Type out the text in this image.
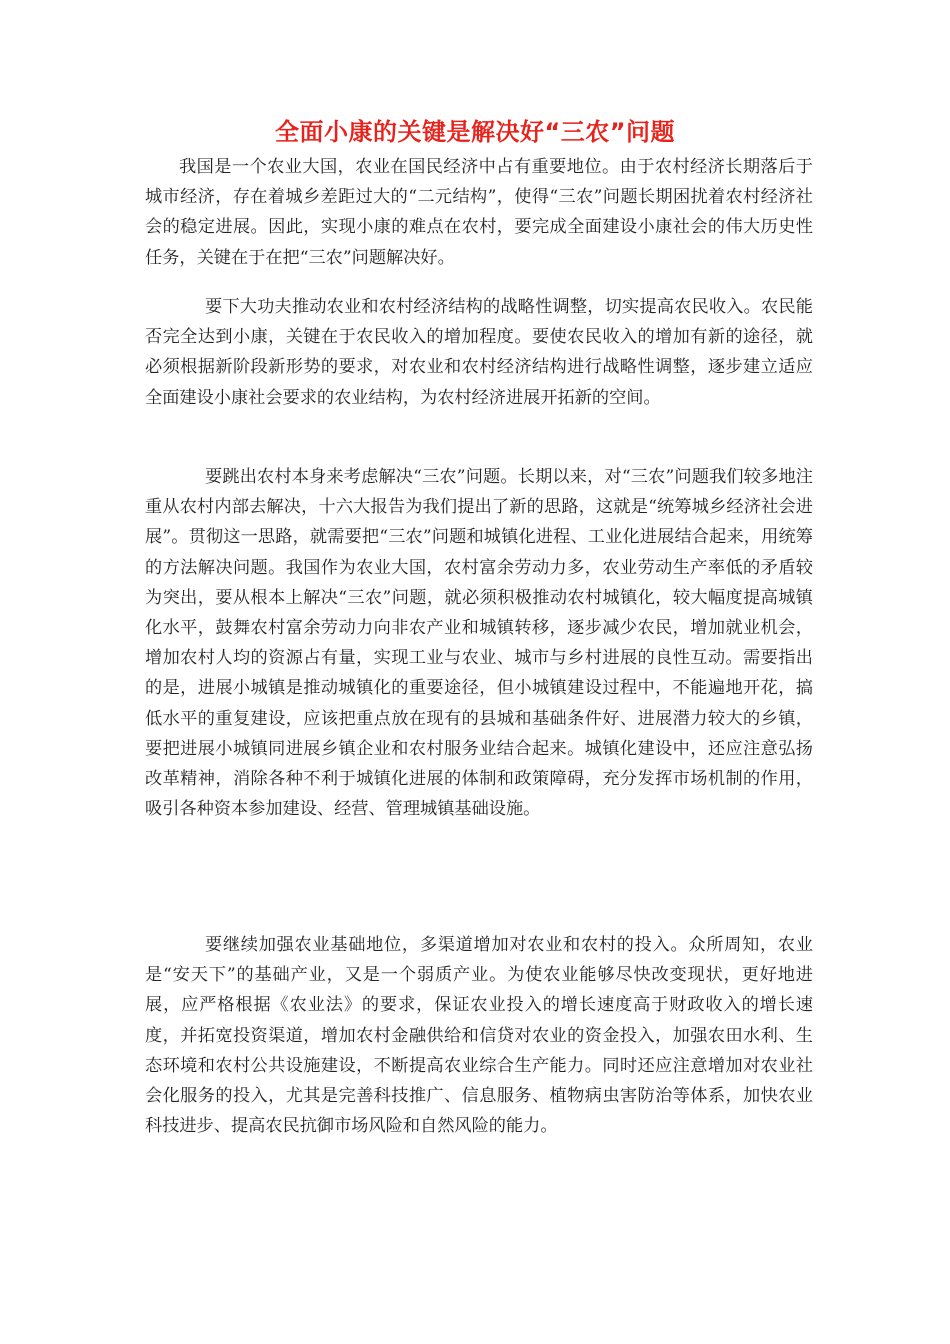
全面小康的关键是解决好“三农”问题

我国是一个农业大国，农业在国民经济中占有重要地位。由于农村经济长期落后于城市经济，存在着城乡差距过大的“二元结构”，使得“三农”问题长期困扰着农村经济社会的稳定进展。因此，实现小康的难点在农村，要完成全面建设小康社会的伟大历史性任务，关键在于在把“三农”问题解决好。

要下大功夫推动农业和农村经济结构的战略性调整，切实提高农民收入。农民能否完全达到小康，关键在于农民收入的增加程度。要使农民收入的增加有新的途径，就必须根据新阶段新形势的要求，对农业和农村经济结构进行战略性调整，逐步建立适应全面建设小康社会要求的农业结构，为农村经济进展开拓新的空间。

要跳出农村本身来考虑解决“三农”问题。长期以来，对“三农”问题我们较多地注重从农村内部去解决，十六大报告为我们提出了新的思路，这就是“统筹城乡经济社会进展”。贯彻这一思路，就需要把“三农”问题和城镇化进程、工业化进展结合起来，用统筹的方法解决问题。我国作为农业大国，农村富余劳动力多，农业劳动生产率低的矛盾较为突出，要从根本上解决“三农”问题，就必须积极推动农村城镇化，较大幅度提高城镇化水平，鼓舞农村富余劳动力向非农产业和城镇转移，逐步减少农民，增加就业机会，增加农村人均的资源占有量，实现工业与农业、城市与乡村进展的良性互动。需要指出的是，进展小城镇是推动城镇化的重要途径，但小城镇建设过程中，不能遍地开花，搞低水平的重复建设，应该把重点放在现有的县城和基础条件好、进展潜力较大的乡镇，要把进展小城镇同进展乡镇企业和农村服务业结合起来。城镇化建设中，还应注意弘扬改革精神，消除各种不利于城镇化进展的体制和政策障碍，充分发挥市场机制的作用，吸引各种资本参加建设、经营、管理城镇基础设施。

要继续加强农业基础地位，多渠道增加对农业和农村的投入。众所周知，农业是“安天下”的基础产业，又是一个弱质产业。为使农业能够尽快改变现状，更好地进展，应严格根据《农业法》的要求，保证农业投入的增长速度高于财政收入的增长速度，并拓宽投资渠道，增加农村金融供给和信贷对农业的资金投入，加强农田水利、生态环境和农村公共设施建设，不断提高农业综合生产能力。同时还应注意增加对农业社会化服务的投入，尤其是完善科技推广、信息服务、植物病虫害防治等体系，加快农业科技进步、提高农民抗御市场风险和自然风险的能力。
